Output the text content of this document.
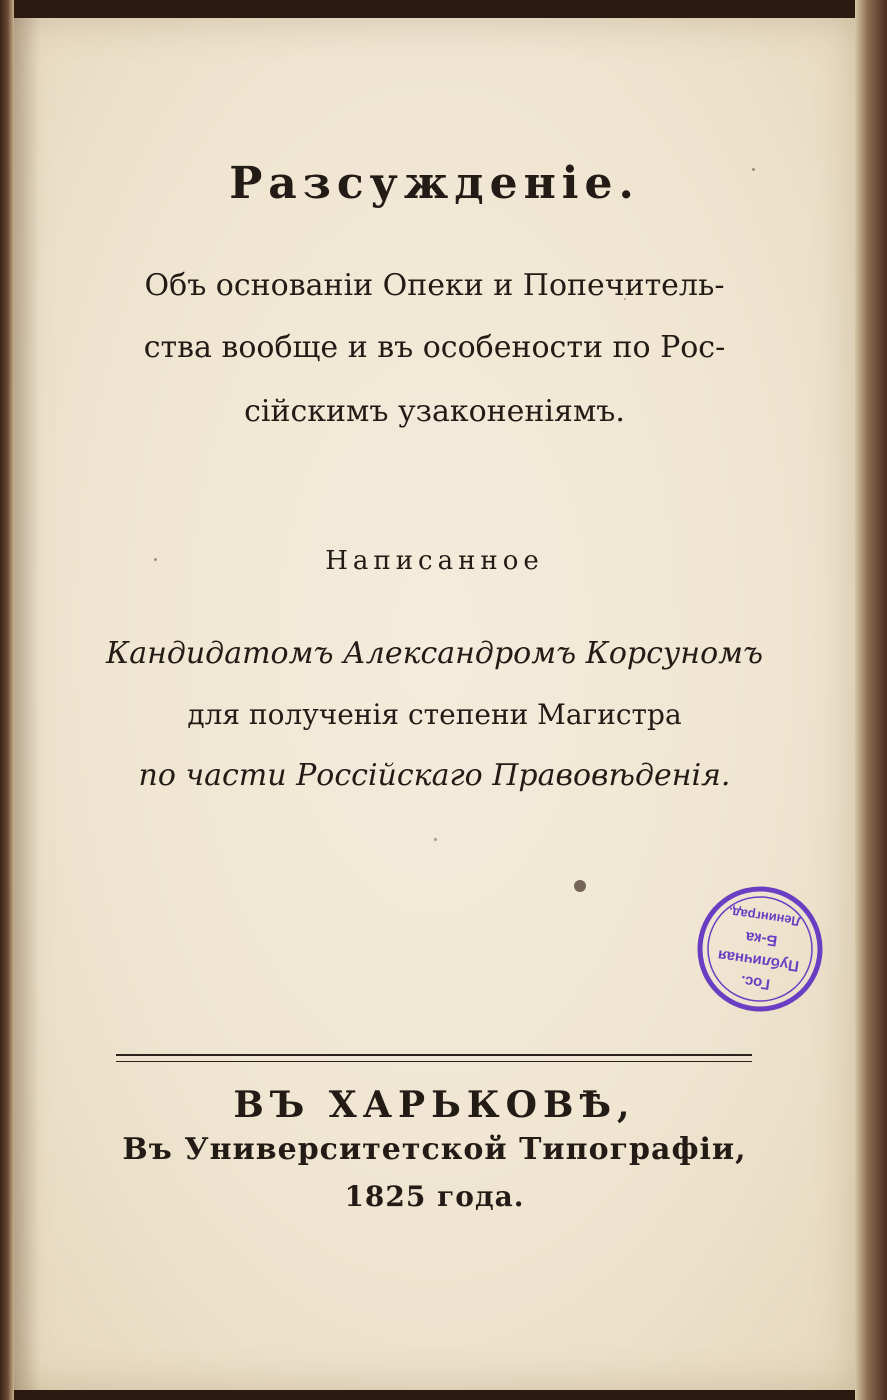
Разсужденіе.
Объ основаніи Опеки и Попечитель-
ства вообще и въ особености по Рос-
сійскимъ узаконеніямъ.
Написанное
Кандидатомъ Александромъ Корсуномъ
для полученія степени Магистра
по части Россійскаго Правовѣденія.
ВЪ ХАРЬКОВѢ,
Въ Университетской Типографіи,
1825 года.
Гос.
Публичная
Б-ка
Ленинград.
